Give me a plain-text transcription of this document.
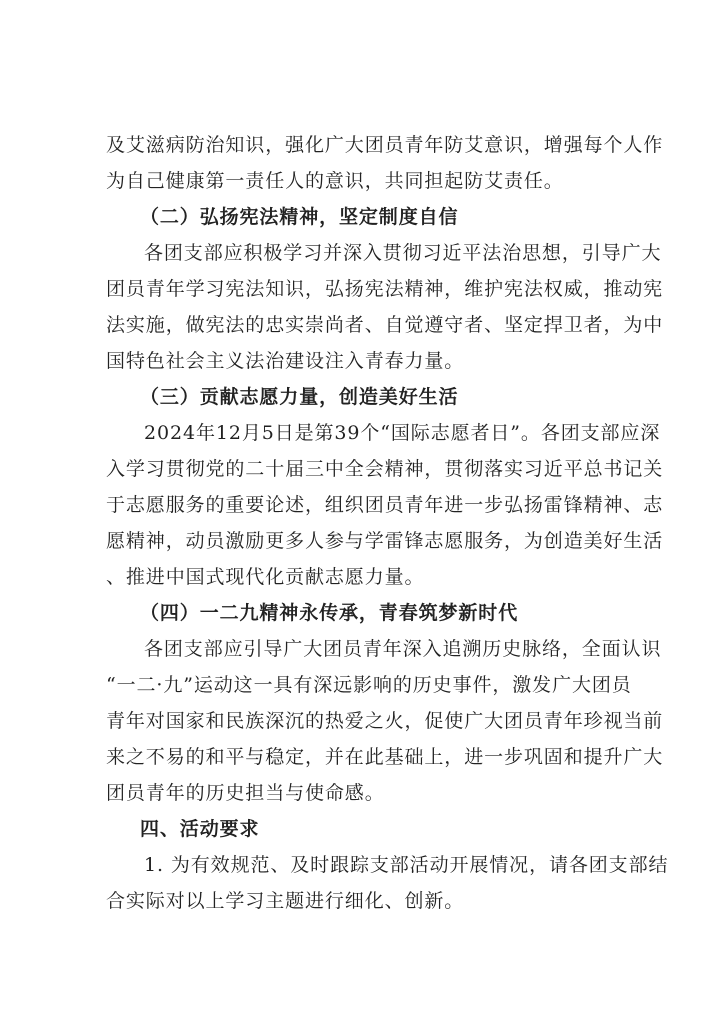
及艾滋病防治知识，强化广大团员青年防艾意识，增强每个人作
为自己健康第一责任人的意识，共同担起防艾责任。
（二）弘扬宪法精神，坚定制度自信
各团支部应积极学习并深入贯彻习近平法治思想，引导广大
团员青年学习宪法知识，弘扬宪法精神，维护宪法权威，推动宪
法实施，做宪法的忠实崇尚者、自觉遵守者、坚定捍卫者，为中
国特色社会主义法治建设注入青春力量。
（三）贡献志愿力量，创造美好生活
2024年12月5日是第39个“国际志愿者日”。各团支部应深
入学习贯彻党的二十届三中全会精神，贯彻落实习近平总书记关
于志愿服务的重要论述，组织团员青年进一步弘扬雷锋精神、志
愿精神，动员激励更多人参与学雷锋志愿服务，为创造美好生活
、推进中国式现代化贡献志愿力量。
（四）一二九精神永传承，青春筑梦新时代
各团支部应引导广大团员青年深入追溯历史脉络，全面认识
“一二·九”运动这一具有深远影响的历史事件，激发广大团员
青年对国家和民族深沉的热爱之火，促使广大团员青年珍视当前
来之不易的和平与稳定，并在此基础上，进一步巩固和提升广大
团员青年的历史担当与使命感。
四、活动要求
1. 为有效规范、及时跟踪支部活动开展情况，请各团支部结
合实际对以上学习主题进行细化、创新。
